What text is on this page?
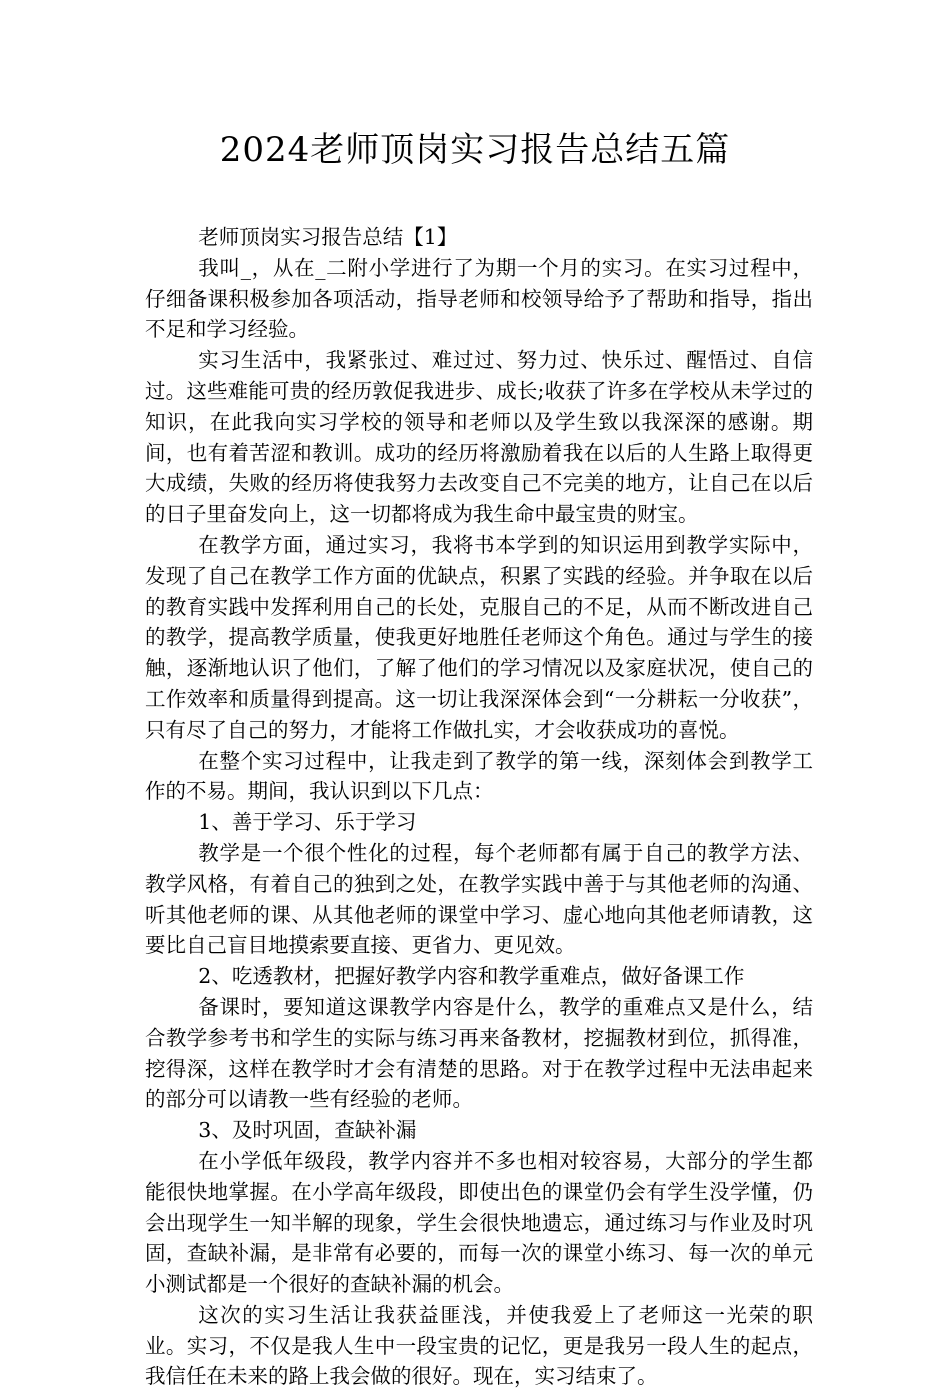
2024老师顶岗实习报告总结五篇

老师顶岗实习报告总结【1】

我叫_，从在_二附小学进行了为期一个月的实习。在实习过程中，仔细备课积极参加各项活动，指导老师和校领导给予了帮助和指导，指出不足和学习经验。

实习生活中，我紧张过、难过过、努力过、快乐过、醒悟过、自信过。这些难能可贵的经历敦促我进步、成长;收获了许多在学校从未学过的知识，在此我向实习学校的领导和老师以及学生致以我深深的感谢。期间，也有着苦涩和教训。成功的经历将激励着我在以后的人生路上取得更大成绩，失败的经历将使我努力去改变自己不完美的地方，让自己在以后的日子里奋发向上，这一切都将成为我生命中最宝贵的财宝。

在教学方面，通过实习，我将书本学到的知识运用到教学实际中，发现了自己在教学工作方面的优缺点，积累了实践的经验。并争取在以后的教育实践中发挥利用自己的长处，克服自己的不足，从而不断改进自己的教学，提高教学质量，使我更好地胜任老师这个角色。通过与学生的接触，逐渐地认识了他们，了解了他们的学习情况以及家庭状况，使自己的工作效率和质量得到提高。这一切让我深深体会到“一分耕耘一分收获”，只有尽了自己的努力，才能将工作做扎实，才会收获成功的喜悦。

在整个实习过程中，让我走到了教学的第一线，深刻体会到教学工作的不易。期间，我认识到以下几点：

1、善于学习、乐于学习

教学是一个很个性化的过程，每个老师都有属于自己的教学方法、教学风格，有着自己的独到之处，在教学实践中善于与其他老师的沟通、听其他老师的课、从其他老师的课堂中学习、虚心地向其他老师请教，这要比自己盲目地摸索要直接、更省力、更见效。

2、吃透教材，把握好教学内容和教学重难点，做好备课工作

备课时，要知道这课教学内容是什么，教学的重难点又是什么，结合教学参考书和学生的实际与练习再来备教材，挖掘教材到位，抓得准，挖得深，这样在教学时才会有清楚的思路。对于在教学过程中无法串起来的部分可以请教一些有经验的老师。

3、及时巩固，查缺补漏

在小学低年级段，教学内容并不多也相对较容易，大部分的学生都能很快地掌握。在小学高年级段，即使出色的课堂仍会有学生没学懂，仍会出现学生一知半解的现象，学生会很快地遗忘，通过练习与作业及时巩固，查缺补漏，是非常有必要的，而每一次的课堂小练习、每一次的单元小测试都是一个很好的查缺补漏的机会。

这次的实习生活让我获益匪浅，并使我爱上了老师这一光荣的职业。实习，不仅是我人生中一段宝贵的记忆，更是我另一段人生的起点，我信任在未来的路上我会做的很好。现在，实习结束了。
